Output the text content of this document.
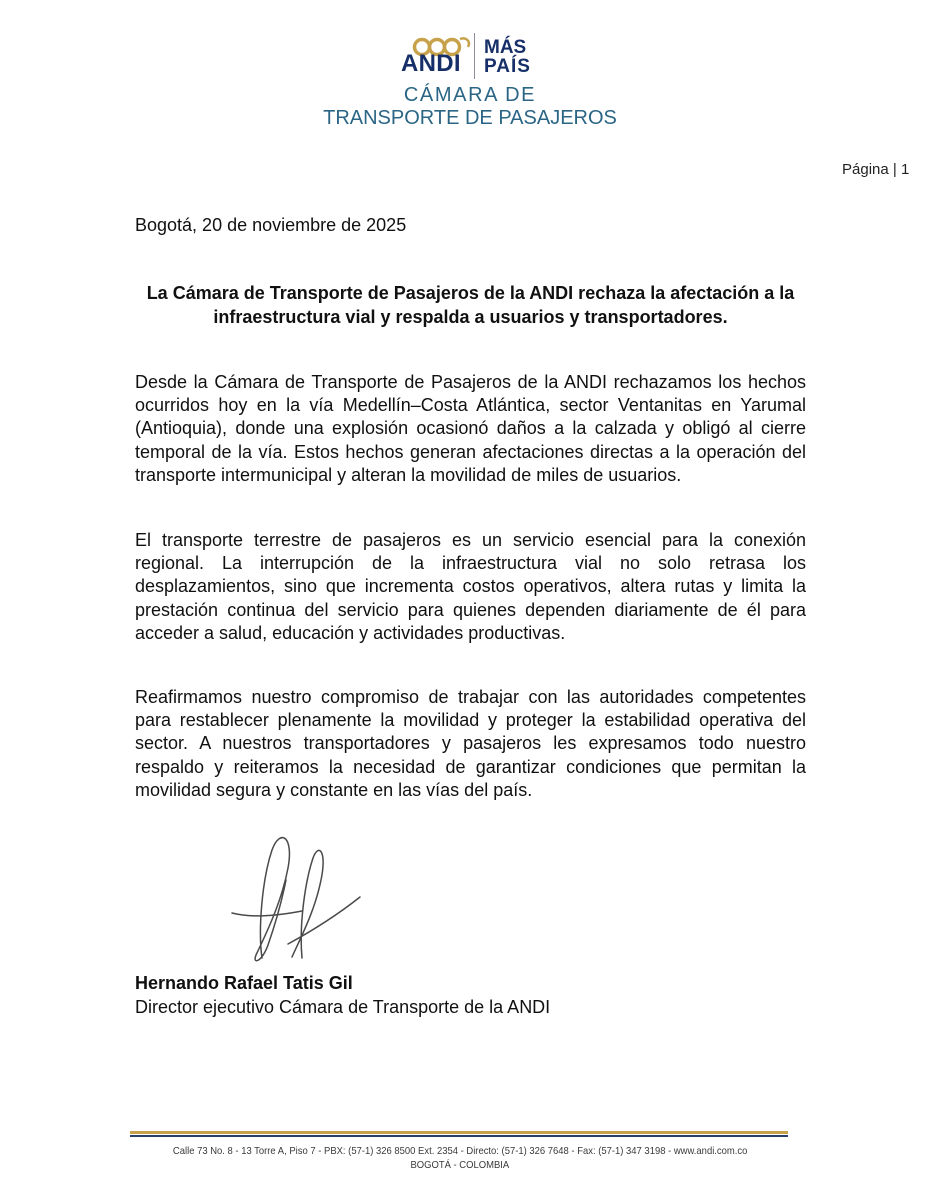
ANDI
MÁS
PAÍS
CÁMARA DE
TRANSPORTE DE PASAJEROS
Página | 1
Bogotá, 20 de noviembre de 2025
La Cámara de Transporte de Pasajeros de la ANDI rechaza la afectación a la
infraestructura vial y respalda a usuarios y transportadores.
Desde la Cámara de Transporte de Pasajeros de la ANDI rechazamos los hechos
ocurridos hoy en la vía Medellín–Costa Atlántica, sector Ventanitas en Yarumal
(Antioquia), donde una explosión ocasionó daños a la calzada y obligó al cierre
temporal de la vía. Estos hechos generan afectaciones directas a la operación del
transporte intermunicipal y alteran la movilidad de miles de usuarios.
El transporte terrestre de pasajeros es un servicio esencial para la conexión
regional. La interrupción de la infraestructura vial no solo retrasa los
desplazamientos, sino que incrementa costos operativos, altera rutas y limita la
prestación continua del servicio para quienes dependen diariamente de él para
acceder a salud, educación y actividades productivas.
Reafirmamos nuestro compromiso de trabajar con las autoridades competentes
para restablecer plenamente la movilidad y proteger la estabilidad operativa del
sector. A nuestros transportadores y pasajeros les expresamos todo nuestro
respaldo y reiteramos la necesidad de garantizar condiciones que permitan la
movilidad segura y constante en las vías del país.
Hernando Rafael Tatis Gil
Director ejecutivo Cámara de Transporte de la ANDI
Calle 73 No. 8 - 13 Torre A, Piso 7 - PBX: (57-1) 326 8500 Ext. 2354 - Directo: (57-1) 326 7648 - Fax: (57-1) 347 3198 - www.andi.com.co
BOGOTÁ - COLOMBIA
